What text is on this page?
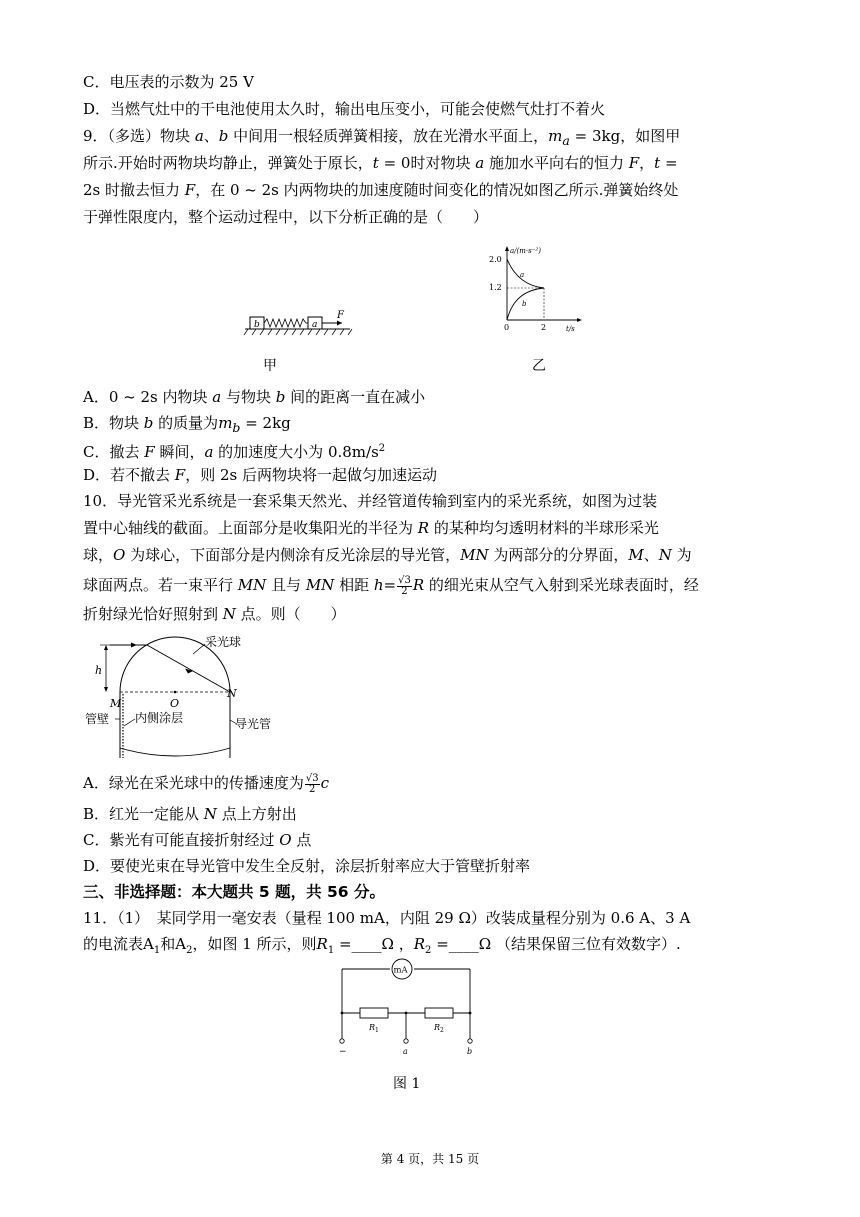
C．电压表的示数为 25 V
D．当燃气灶中的干电池使用太久时，输出电压变小，可能会使燃气灶打不着火
9．（多选）物块 a、b 中间用一根轻质弹簧相接，放在光滑水平面上，$m_a = 3kg$，如图甲
所示.开始时两物块均静止，弹簧处于原长，t = 0时对物块 a 施加水平向右的恒力 F，t =
2s 时撤去恒力 F，在 0 ~ 2s 内两物块的加速度随时间变化的情况如图乙所示.弹簧始终处
于弹性限度内，整个运动过程中，以下分析正确的是（　　）
b	a
F
甲
a/(m·s⁻²)
t/s
2.0
1.2
0	2
a
b
乙
A．0 ~ 2s 内物块 a 与物块 b 间的距离一直在减小
B．物块 b 的质量为$m_b = 2kg$
C．撤去 F 瞬间，a 的加速度大小为 $0.8m/s^2$
D．若不撤去 F，则 2s 后两物块将一起做匀加速运动
10．导光管采光系统是一套采集天然光、并经管道传输到室内的采光系统，如图为过装
置中心轴线的截面。上面部分是收集阳光的半径为 R 的某种均匀透明材料的半球形采光
球，O 为球心，下面部分是内侧涂有反光涂层的导光管，MN 为两部分的分界面，M、N 为
球面两点。若一束平行 MN 且与 MN 相距 $h= \frac{√3}{2}$ R 的细光束从空气入射到采光球表面时，经
折射绿光恰好照射到 N 点。则（　　）
h
采光球
M	O
N
管壁 内侧涂层	导光管
A．绿光在采光球中的传播速度为 $\frac{√3}{2}$ c
B．红光一定能从 N 点上方射出
C．紫光有可能直接折射经过 O 点
D．要使光束在导光管中发生全反射，涂层折射率应大于管壁折射率
三、非选择题：本大题共 5 题，共 56 分。
11．（1）　某同学用一毫安表（量程 100 mA，内阻 29 Ω）改装成量程分别为 0.6 A、3 A
的电流表$A_1$和$A_2$，如图 1 所示，则$R_1$ =____Ω ，$R_2$ =____Ω （结果保留三位有效数字）.
mA
$R_1$	$R_2$
−	a	b
图 1
第 4 页，共 15 页
